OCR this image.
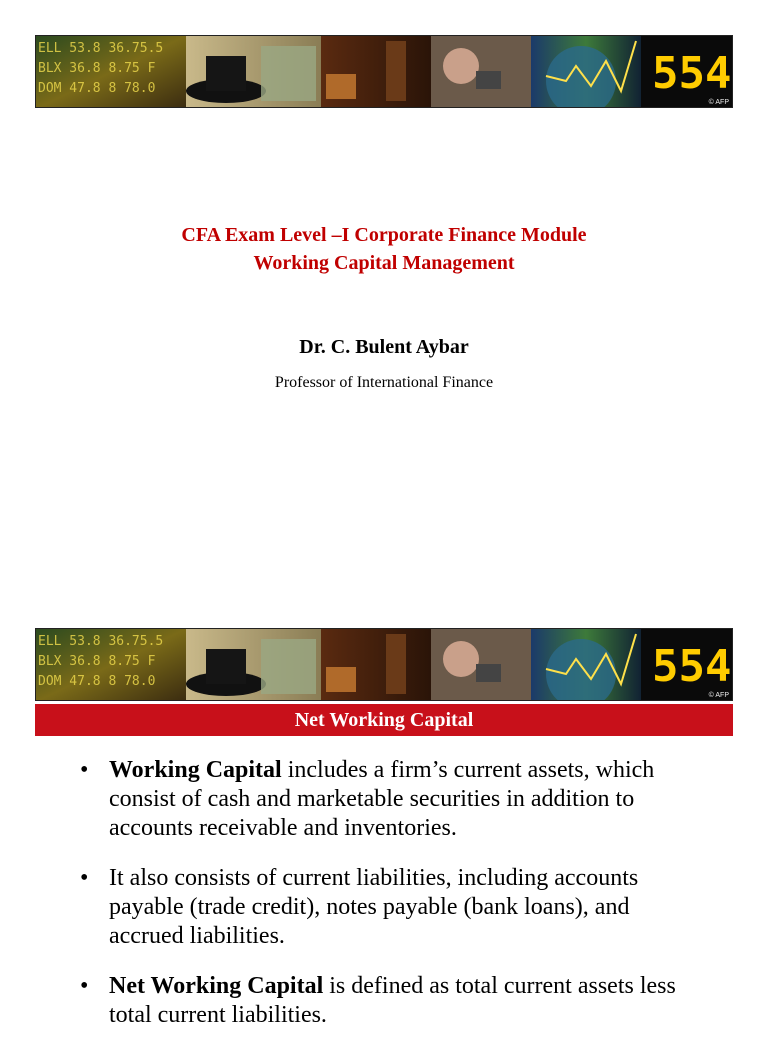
ELL 53.8 36.75.5
BLX 36.8 8.75 F
DOM 47.8 8 78.0	554
© AFP
CFA Exam Level –I Corporate Finance Module
Working Capital Management
Dr. C. Bulent Aybar
Professor of International Finance
ELL 53.8 36.75.5
BLX 36.8 8.75 F
DOM 47.8 8 78.0	554
© AFP
Net Working Capital
• Working Capital includes a firm’s current assets, which consist of cash and marketable securities in addition to accounts receivable and inventories.
• It also consists of current liabilities, including accounts payable (trade credit), notes payable (bank loans), and accrued liabilities.
• Net Working Capital is defined as total current assets less total current liabilities.
